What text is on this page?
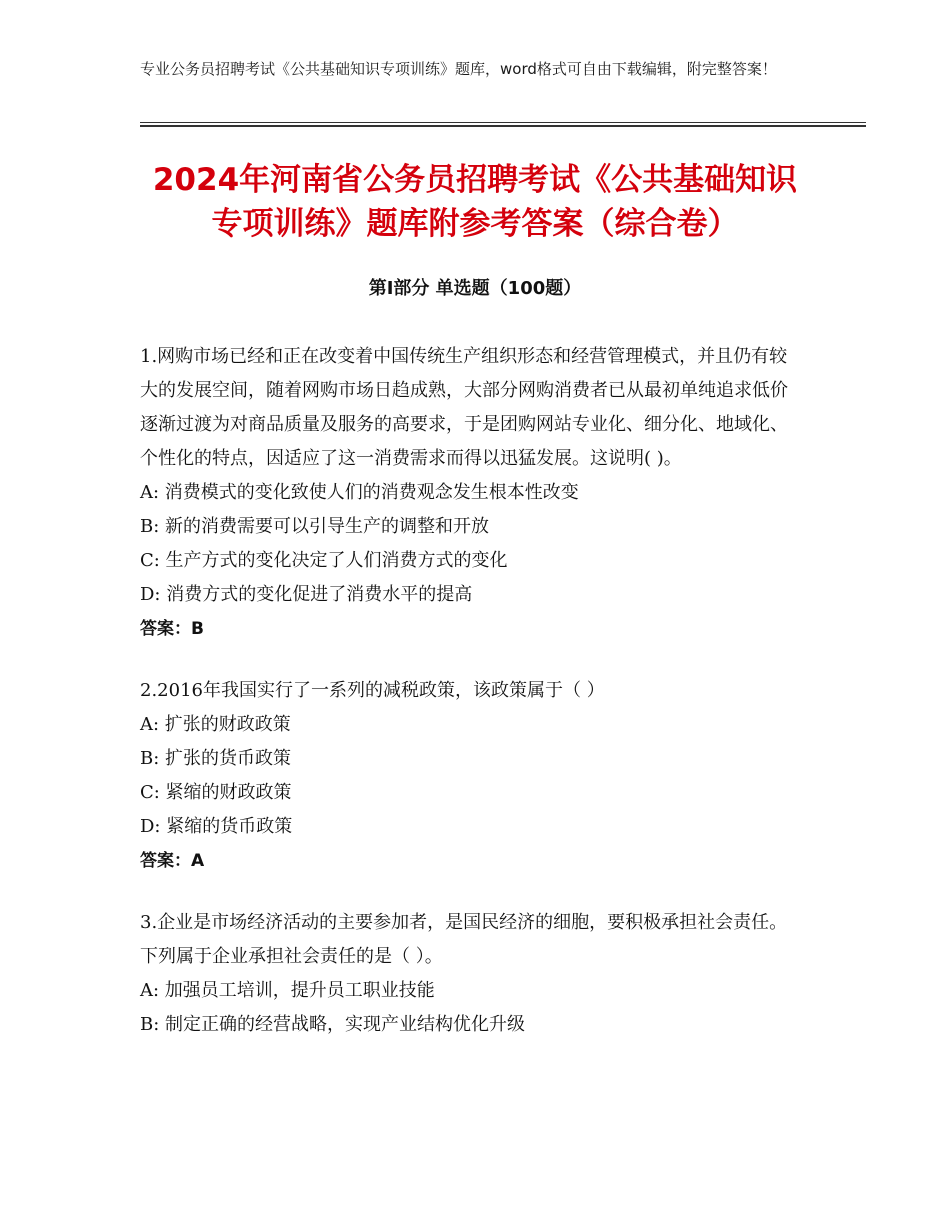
专业公务员招聘考试《公共基础知识专项训练》题库，word格式可自由下载编辑，附完整答案！
2024年河南省公务员招聘考试《公共基础知识专项训练》题库附参考答案（综合卷）
第Ⅰ部分 单选题（100题）
1.网购市场已经和正在改变着中国传统生产组织形态和经营管理模式，并且仍有较大的发展空间，随着网购市场日趋成熟，大部分网购消费者已从最初单纯追求低价逐渐过渡为对商品质量及服务的高要求，于是团购网站专业化、细分化、地域化、个性化的特点，因适应了这一消费需求而得以迅猛发展。这说明( )。
A: 消费模式的变化致使人们的消费观念发生根本性改变
B: 新的消费需要可以引导生产的调整和开放
C: 生产方式的变化决定了人们消费方式的变化
D: 消费方式的变化促进了消费水平的提高
答案：B
2.2016年我国实行了一系列的减税政策，该政策属于（ ）
A: 扩张的财政政策
B: 扩张的货币政策
C: 紧缩的财政政策
D: 紧缩的货币政策
答案：A
3.企业是市场经济活动的主要参加者，是国民经济的细胞，要积极承担社会责任。下列属于企业承担社会责任的是（ ）。
A: 加强员工培训，提升员工职业技能
B: 制定正确的经营战略，实现产业结构优化升级
